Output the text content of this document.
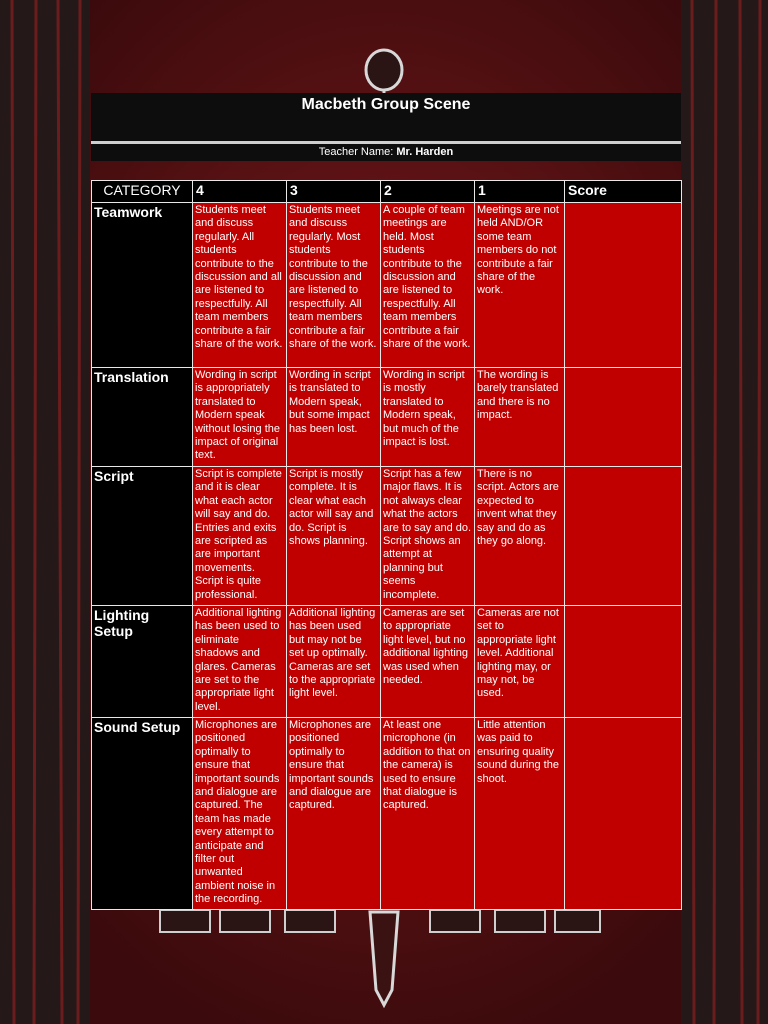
Macbeth Group Scene
Teacher Name: Mr. Harden
CATEGORY	4	3	2	1	Score
Teamwork	Students meet and discuss regularly. All students contribute to the discussion and all are listened to respectfully. All team members contribute a fair share of the work.	Students meet and discuss regularly. Most students contribute to the discussion and are listened to respectfully. All team members contribute a fair share of the work.	A couple of team meetings are held. Most students contribute to the discussion and are listened to respectfully. All team members contribute a fair share of the work.	Meetings are not held AND/OR some team members do not contribute a fair share of the work.	
Translation	Wording in script is appropriately translated to Modern speak without losing the impact of original text.	Wording in script is translated to Modern speak, but some impact has been lost.	Wording in script is mostly translated to Modern speak, but much of the impact is lost.	The wording is barely translated and there is no impact.	
Script	Script is complete and it is clear what each actor will say and do. Entries and exits are scripted as are important movements. Script is quite professional.	Script is mostly complete. It is clear what each actor will say and do. Script is shows planning.	Script has a few major flaws. It is not always clear what the actors are to say and do. Script shows an attempt at planning but seems incomplete.	There is no script. Actors are expected to invent what they say and do as they go along.	
Lighting Setup	Additional lighting has been used to eliminate shadows and glares. Cameras are set to the appropriate light level.	Additional lighting has been used but may not be set up optimally. Cameras are set to the appropriate light level.	Cameras are set to appropriate light level, but no additional lighting was used when needed.	Cameras are not set to appropriate light level. Additional lighting may, or may not, be used.	
Sound Setup	Microphones are positioned optimally to ensure that important sounds and dialogue are captured. The team has made every attempt to anticipate and filter out unwanted ambient noise in the recording.	Microphones are positioned optimally to ensure that important sounds and dialogue are captured.	At least one microphone (in addition to that on the camera) is used to ensure that dialogue is captured.	Little attention was paid to ensuring quality sound during the shoot.	
